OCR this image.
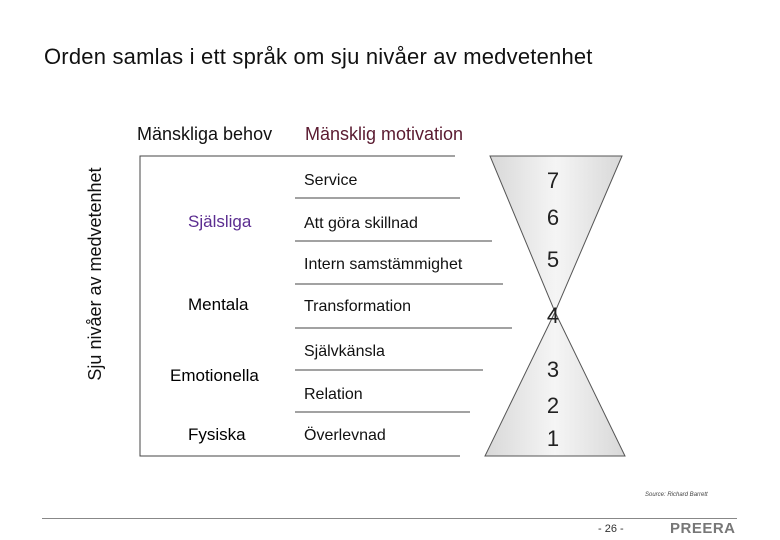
Orden samlas i ett språk om sju nivåer av medvetenhet
Sju nivåer av medvetenhet
Mänskliga behov Mänsklig motivation
Själsliga
Mentala
Emotionella
Fysiska
Service
Att göra skillnad
Intern samstämmighet
Transformation
Självkänsla
Relation
Överlevnad
7
6
5
4
3
2
1
Source: Richard Barrett
- 26 -	PREERA
